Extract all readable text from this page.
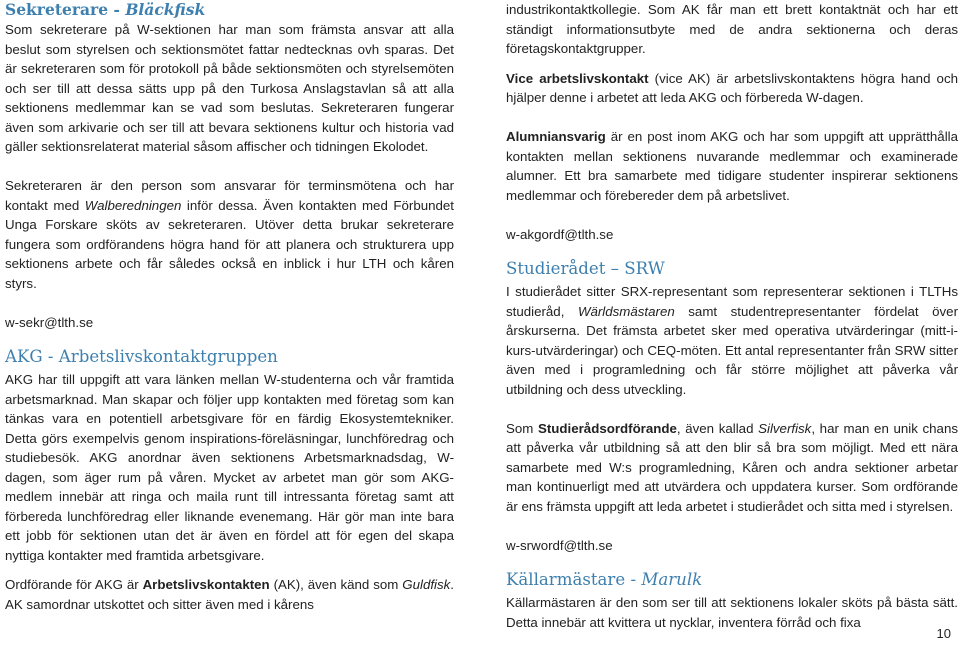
Sekreterare - Bläckfisk

Som sekreterare på W-sektionen har man som främsta ansvar att alla beslut som styrelsen och sektionsmötet fattar nedtecknas ovh sparas. Det är sekreteraren som för protokoll på både sektionsmöten och styrelsemöten och ser till att dessa sätts upp på den Turkosa Anslagstavlan så att alla sektionens medlemmar kan se vad som beslutas. Sekreteraren fungerar även som arkivarie och ser till att bevara sektionens kultur och historia vad gäller sektionsrelaterat material såsom affischer och tidningen Ekolodet.

Sekreteraren är den person som ansvarar för terminsmötena och har kontakt med Walberedningen inför dessa. Även kontakten med Förbundet Unga Forskare sköts av sekreteraren. Utöver detta brukar sekreterare fungera som ordförandens högra hand för att planera och strukturera upp sektionens arbete och får således också en inblick i hur LTH och kåren styrs.

w-sekr@tlth.se

AKG - Arbetslivskontaktgruppen

AKG har till uppgift att vara länken mellan W-studenterna och vår framtida arbetsmarknad. Man skapar och följer upp kontakten med företag som kan tänkas vara en potentiell arbetsgivare för en färdig Ekosystemtekniker. Detta görs exempelvis genom inspirations-föreläsningar, lunchföredrag och studiebesök. AKG anordnar även sektionens Arbetsmarknadsdag, W-dagen, som äger rum på våren. Mycket av arbetet man gör som AKG-medlem innebär att ringa och maila runt till intressanta företag samt att förbereda lunchföredrag eller liknande evenemang. Här gör man inte bara ett jobb för sektionen utan det är även en fördel att för egen del skapa nyttiga kontakter med framtida arbetsgivare.

Ordförande för AKG är Arbetslivskontakten (AK), även känd som Guldfisk. AK samordnar utskottet och sitter även med i kårens

industrikontaktkollegie. Som AK får man ett brett kontaktnät och har ett ständigt informationsutbyte med de andra sektionerna och deras företagskontaktgrupper.

Vice arbetslivskontakt (vice AK) är arbetslivskontaktens högra hand och hjälper denne i arbetet att leda AKG och förbereda W-dagen.

Alumniansvarig är en post inom AKG och har som uppgift att upprätthålla kontakten mellan sektionens nuvarande medlemmar och examinerade alumner. Ett bra samarbete med tidigare studenter inspirerar sektionens medlemmar och förebereder dem på arbetslivet.

w-akgordf@tlth.se

Studierådet – SRW

I studierådet sitter SRX-representant som representerar sektionen i TLTHs studieråd, Wärldsmästaren samt studentrepresentanter fördelat över årskurserna. Det främsta arbetet sker med operativa utvärderingar (mitt-i-kurs-utvärderingar) och CEQ-möten. Ett antal representanter från SRW sitter även med i programledning och får större möjlighet att påverka vår utbildning och dess utveckling.

Som Studierådsordförande, även kallad Silverfisk, har man en unik chans att påverka vår utbildning så att den blir så bra som möjligt. Med ett nära samarbete med W:s programledning, Kåren och andra sektioner arbetar man kontinuerligt med att utvärdera och uppdatera kurser. Som ordförande är ens främsta uppgift att leda arbetet i studierådet och sitta med i styrelsen.

w-srwordf@tlth.se

Källarmästare - Marulk

Källarmästaren är den som ser till att sektionens lokaler sköts på bästa sätt. Detta innebär att kvittera ut nycklar, inventera förråd och fixa

10
